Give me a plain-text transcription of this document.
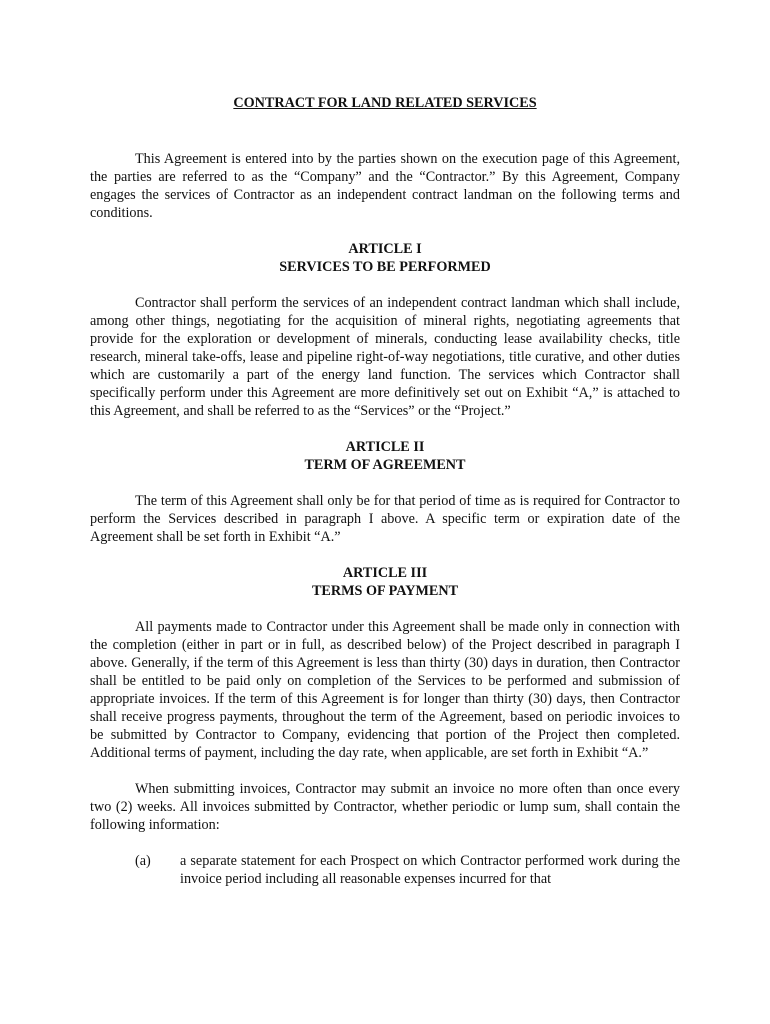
CONTRACT FOR LAND RELATED SERVICES

This Agreement is entered into by the parties shown on the execution page of this Agreement, the parties are referred to as the “Company” and the “Contractor.” By this Agreement, Company engages the services of Contractor as an independent contract landman on the following terms and conditions.

ARTICLE I
SERVICES TO BE PERFORMED

Contractor shall perform the services of an independent contract landman which shall include, among other things, negotiating for the acquisition of mineral rights, negotiating agreements that provide for the exploration or development of minerals, conducting lease availability checks, title research, mineral take-offs, lease and pipeline right-of-way negotiations, title curative, and other duties which are customarily a part of the energy land function. The services which Contractor shall specifically perform under this Agreement are more definitively set out on Exhibit “A,” is attached to this Agreement, and shall be referred to as the “Services” or the “Project.”

ARTICLE II
TERM OF AGREEMENT

The term of this Agreement shall only be for that period of time as is required for Contractor to perform the Services described in paragraph I above. A specific term or expiration date of the Agreement shall be set forth in Exhibit “A.”

ARTICLE III
TERMS OF PAYMENT

All payments made to Contractor under this Agreement shall be made only in connection with the completion (either in part or in full, as described below) of the Project described in paragraph I above. Generally, if the term of this Agreement is less than thirty (30) days in duration, then Contractor shall be entitled to be paid only on completion of the Services to be performed and submission of appropriate invoices. If the term of this Agreement is for longer than thirty (30) days, then Contractor shall receive progress payments, throughout the term of the Agreement, based on periodic invoices to be submitted by Contractor to Company, evidencing that portion of the Project then completed. Additional terms of payment, including the day rate, when applicable, are set forth in Exhibit “A.”

When submitting invoices, Contractor may submit an invoice no more often than once every two (2) weeks. All invoices submitted by Contractor, whether periodic or lump sum, shall contain the following information:

(a)	a separate statement for each Prospect on which Contractor performed work during the invoice period including all reasonable expenses incurred for that
